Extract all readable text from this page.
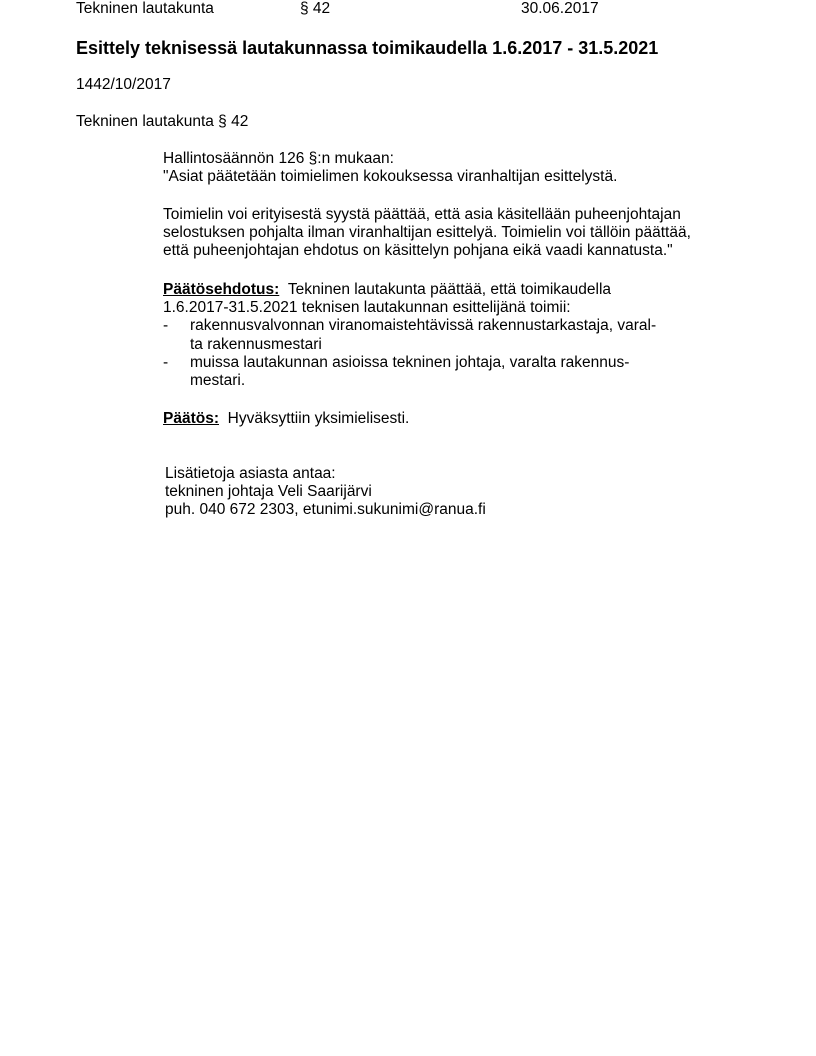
Tekninen lautakunta	§ 42	30.06.2017
Esittely teknisessä lautakunnassa toimikaudella 1.6.2017 - 31.5.2021
1442/10/2017
Tekninen lautakunta § 42
Hallintosäännön 126 §:n mukaan:
"Asiat päätetään toimielimen kokouksessa viranhaltijan esittelystä.
Toimielin voi erityisestä syystä päättää, että asia käsitellään puheenjohtajan
selostuksen pohjalta ilman viranhaltijan esittelyä. Toimielin voi tällöin päättää,
että puheenjohtajan ehdotus on käsittelyn pohjana eikä vaadi kannatusta."
Päätösehdotus: Tekninen lautakunta päättää, että toimikaudella
1.6.2017-31.5.2021 teknisen lautakunnan esittelijänä toimii:
- rakennusvalvonnan viranomaistehtävissä rakennustarkastaja, varal-
ta rakennusmestari
- muissa lautakunnan asioissa tekninen johtaja, varalta rakennus-
mestari.
Päätös: Hyväksyttiin yksimielisesti.
Lisätietoja asiasta antaa:
tekninen johtaja Veli Saarijärvi
puh. 040 672 2303, etunimi.sukunimi@ranua.fi
